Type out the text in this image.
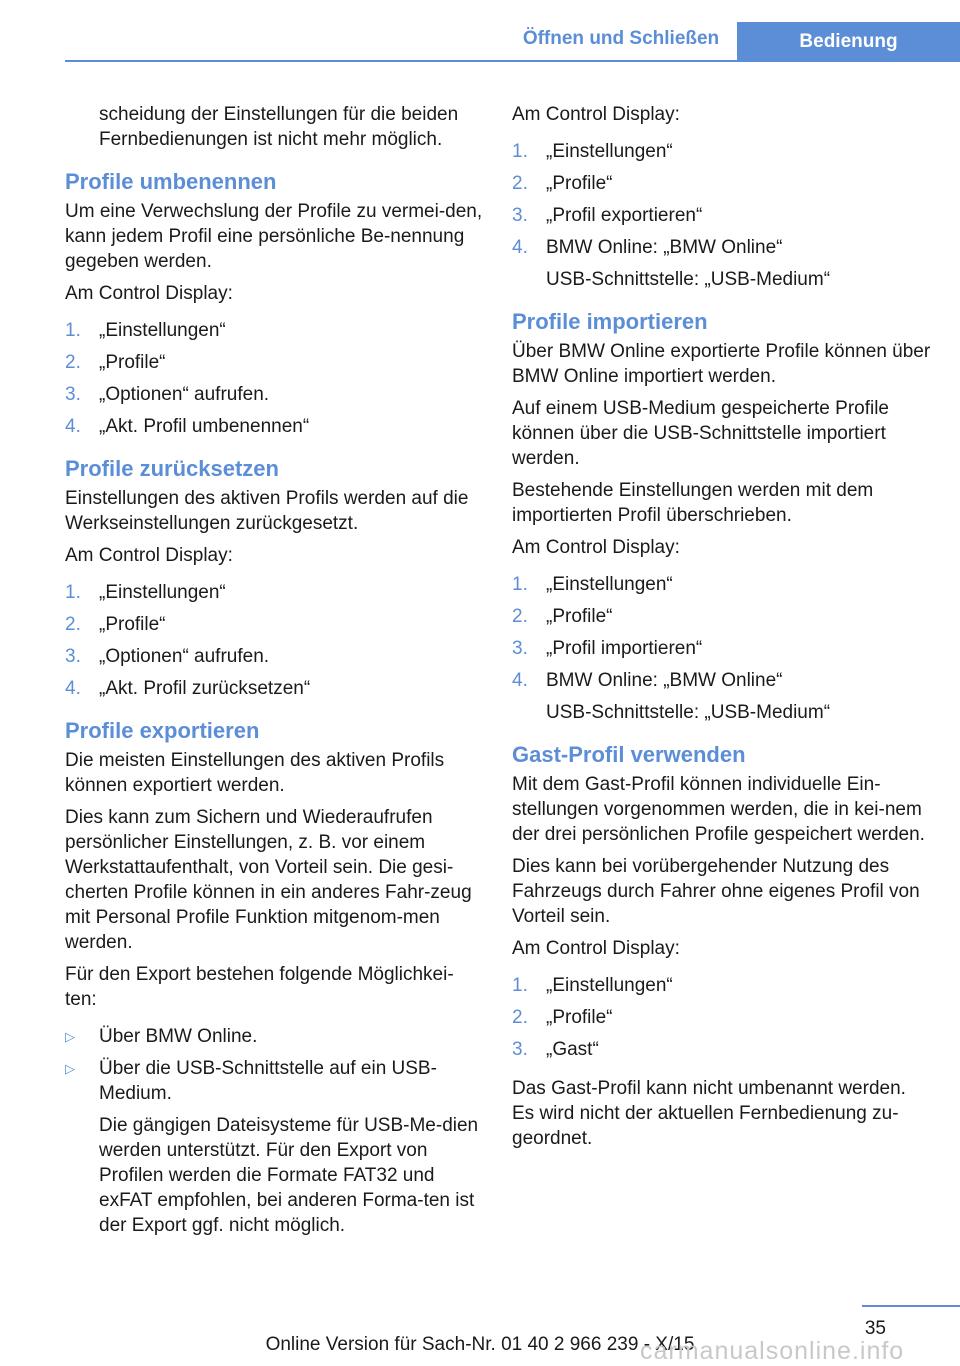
Öffnen und Schließen	Bedienung

scheidung der Einstellungen für die beiden Fernbedienungen ist nicht mehr möglich.

Profile umbenennen

Um eine Verwechslung der Profile zu vermei-den, kann jedem Profil eine persönliche Be-nennung gegeben werden.

Am Control Display:

1. „Einstellungen“
2. „Profile“
3. „Optionen“ aufrufen.
4. „Akt. Profil umbenennen“
Profile zurücksetzen

Einstellungen des aktiven Profils werden auf die Werkseinstellungen zurückgesetzt.

Am Control Display:

1. „Einstellungen“
2. „Profile“
3. „Optionen“ aufrufen.
4. „Akt. Profil zurücksetzen“
Profile exportieren

Die meisten Einstellungen des aktiven Profils können exportiert werden.

Dies kann zum Sichern und Wiederaufrufen persönlicher Einstellungen, z. B. vor einem Werkstattaufenthalt, von Vorteil sein. Die gesi-cherten Profile können in ein anderes Fahr-zeug mit Personal Profile Funktion mitgenom-men werden.

Für den Export bestehen folgende Möglichkei-ten:

▷	Über BMW Online.
▷	Über die USB-Schnittstelle auf ein USB-Medium.
Die gängigen Dateisysteme für USB-Me-dien werden unterstützt. Für den Export von Profilen werden die Formate FAT32 und exFAT empfohlen, bei anderen Forma-ten ist der Export ggf. nicht möglich.

Am Control Display:

1. „Einstellungen“
2. „Profile“
3. „Profil exportieren“
4. BMW Online: „BMW Online“
USB-Schnittstelle: „USB-Medium“
Profile importieren

Über BMW Online exportierte Profile können über BMW Online importiert werden.

Auf einem USB-Medium gespeicherte Profile können über die USB-Schnittstelle importiert werden.

Bestehende Einstellungen werden mit dem importierten Profil überschrieben.

Am Control Display:

1. „Einstellungen“
2. „Profile“
3. „Profil importieren“
4. BMW Online: „BMW Online“
USB-Schnittstelle: „USB-Medium“
Gast-Profil verwenden

Mit dem Gast-Profil können individuelle Ein-stellungen vorgenommen werden, die in kei-nem der drei persönlichen Profile gespeichert werden.

Dies kann bei vorübergehender Nutzung des Fahrzeugs durch Fahrer ohne eigenes Profil von Vorteil sein.

Am Control Display:

1. „Einstellungen“
2. „Profile“
3. „Gast“

Das Gast-Profil kann nicht umbenannt werden. Es wird nicht der aktuellen Fernbedienung zu-geordnet.

35
Online Version für Sach-Nr. 01 40 2 966 239 - X/15
carmanualsonline.info
